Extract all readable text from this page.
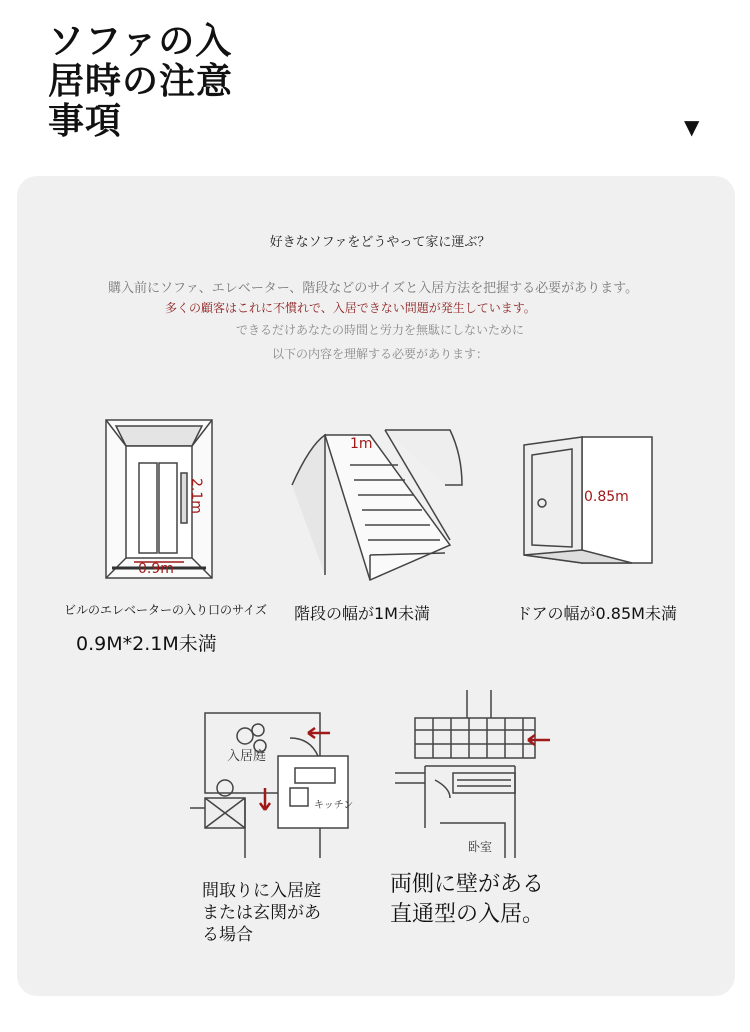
ソファの入
居時の注意
事項	▼
好きなソファをどうやって家に運ぶ？
購入前にソファ、エレベーター、階段などのサイズと入居方法を把握する必要があります。
多くの顧客はこれに不慣れで、入居できない問題が発生しています。
できるだけあなたの時間と労力を無駄にしないために
以下の内容を理解する必要があります：
2.1m
0.9m
ビルのエレベーターの入り口のサイズ
0.9M*2.1M未満
1m
階段の幅が1M未満
0.85m
ドアの幅が0.85M未満
入居庭
キッチン
間取りに入居庭
または玄関があ
る場合
卧室
両側に壁がある直通型の入居。
